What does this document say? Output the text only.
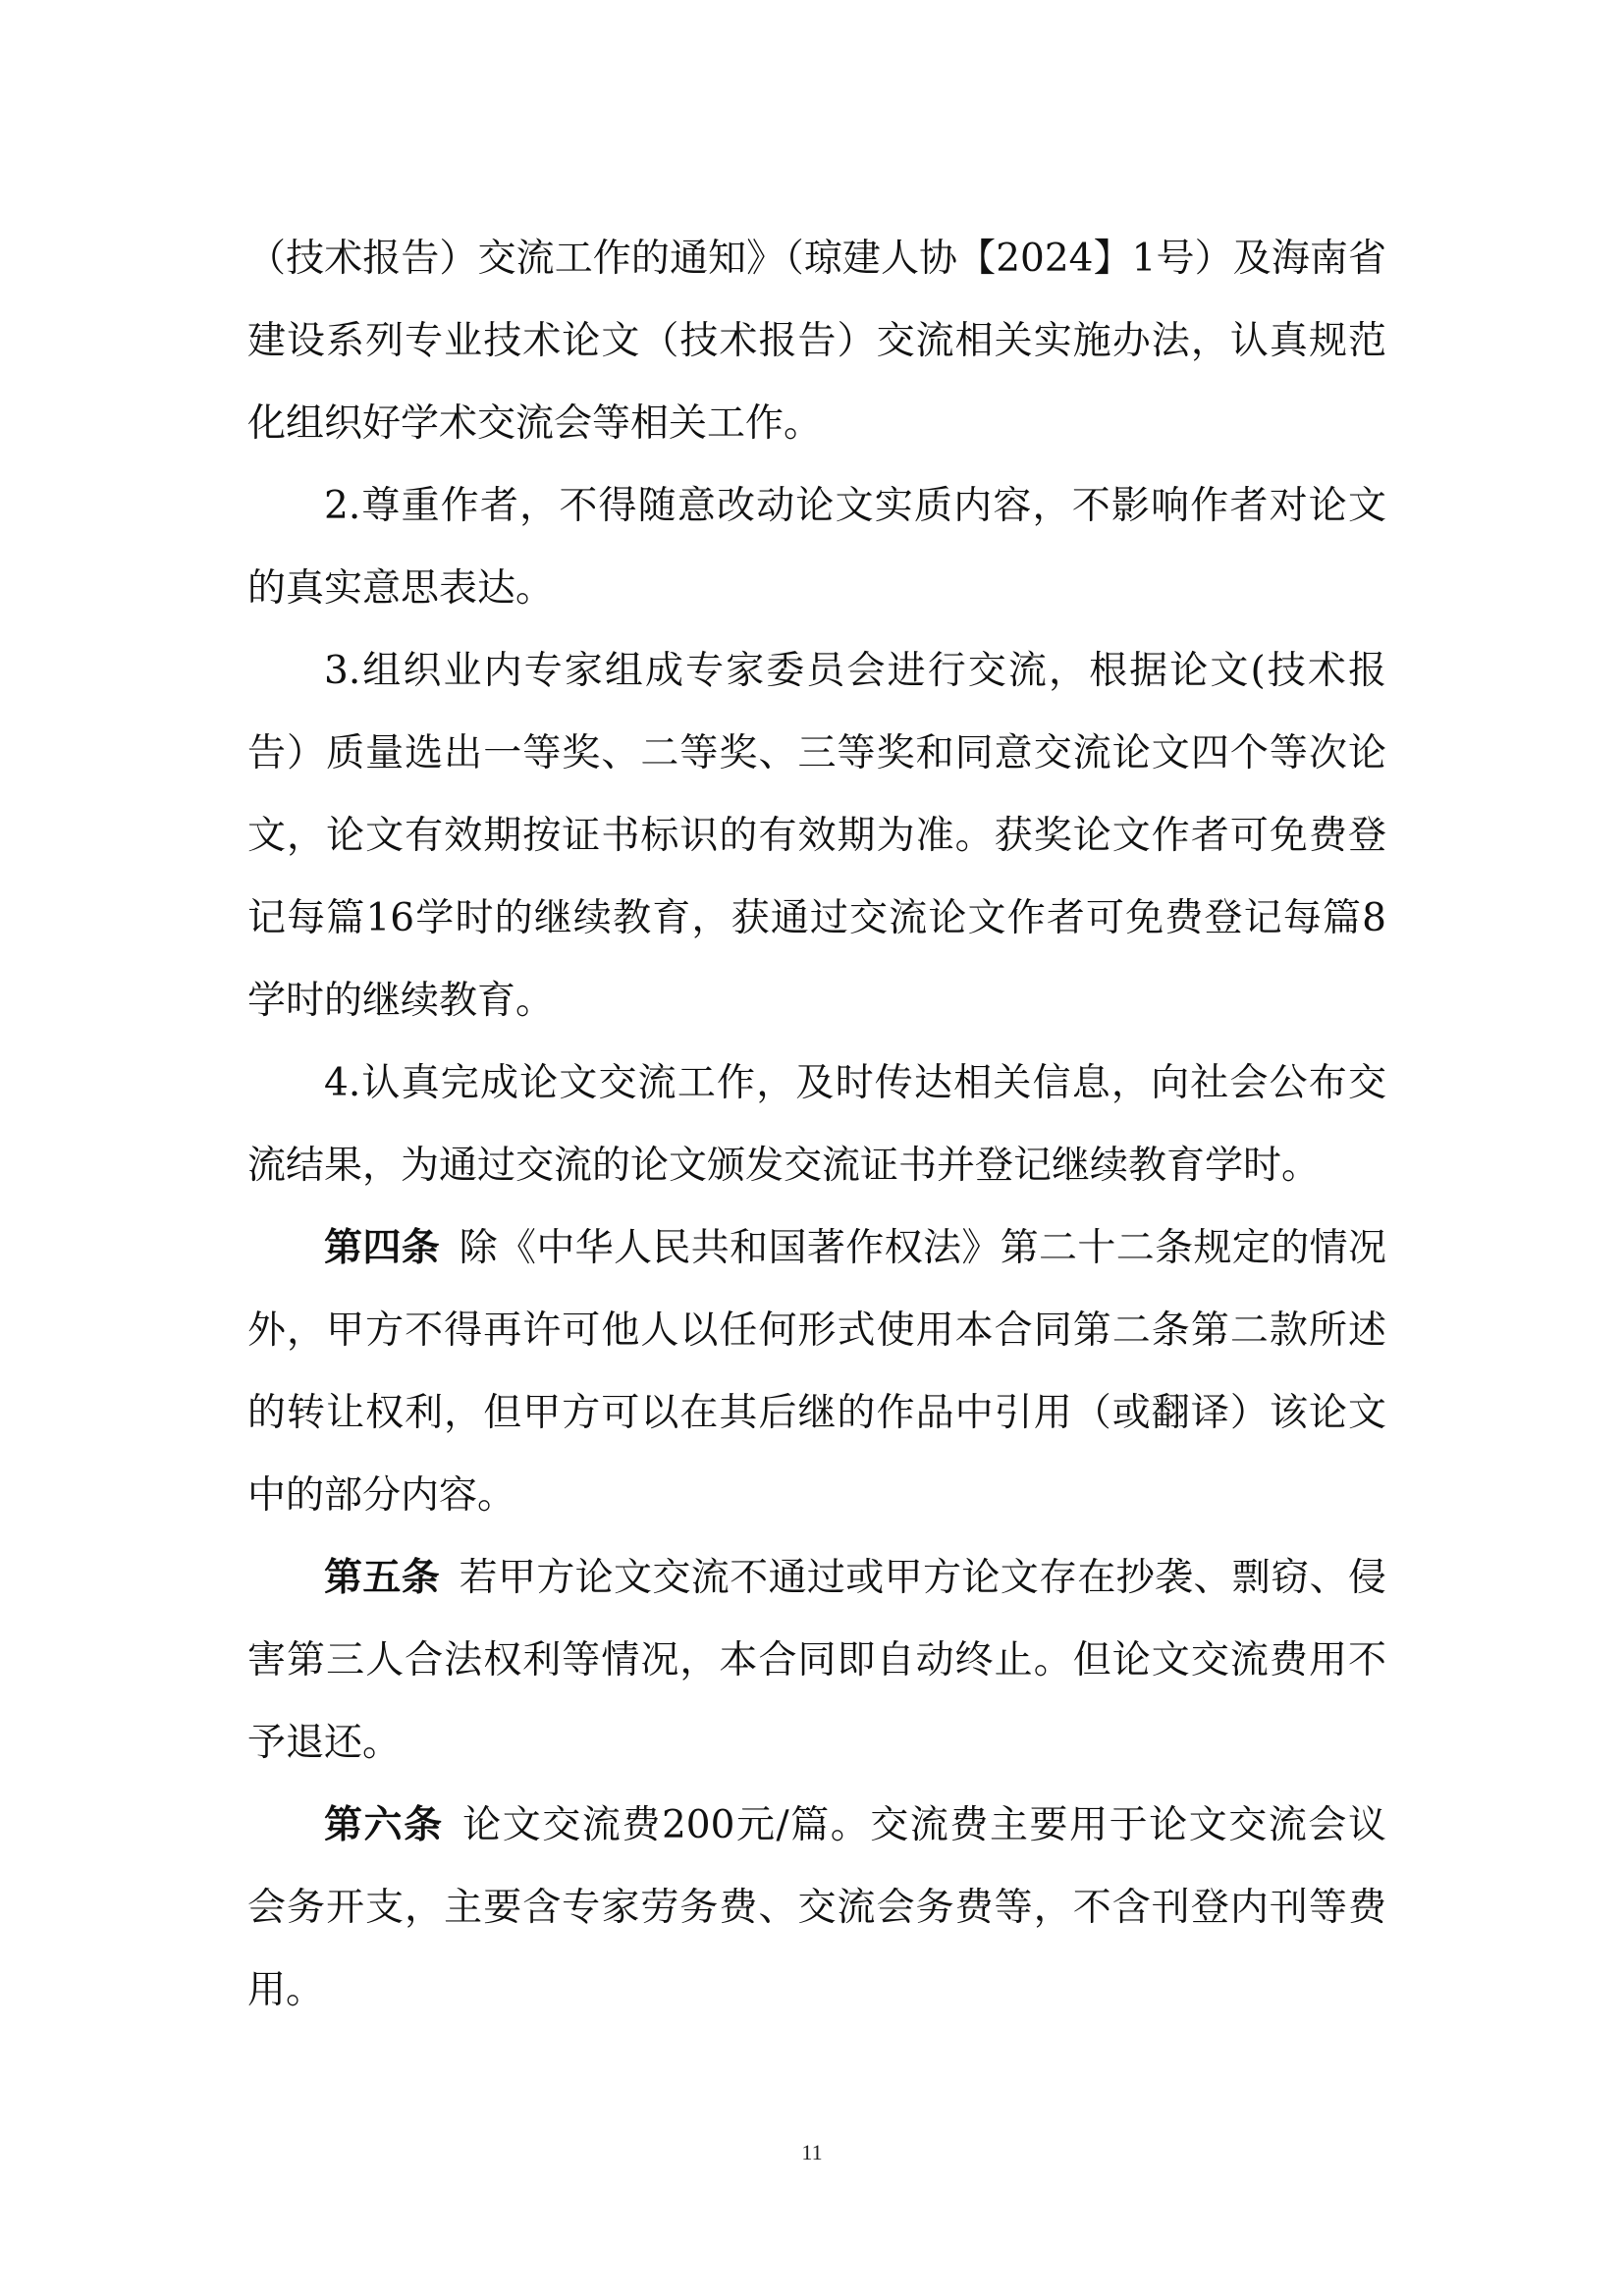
（技术报告）交流工作的通知》（琼建人协【2024】1号）及海南省建设系列专业技术论文（技术报告）交流相关实施办法，认真规范化组织好学术交流会等相关工作。

2.尊重作者，不得随意改动论文实质内容，不影响作者对论文的真实意思表达。

3.组织业内专家组成专家委员会进行交流，根据论文(技术报告）质量选出一等奖、二等奖、三等奖和同意交流论文四个等次论文，论文有效期按证书标识的有效期为准。获奖论文作者可免费登记每篇16学时的继续教育，获通过交流论文作者可免费登记每篇8学时的继续教育。

4.认真完成论文交流工作，及时传达相关信息，向社会公布交流结果，为通过交流的论文颁发交流证书并登记继续教育学时。

第四条 除《中华人民共和国著作权法》第二十二条规定的情况外，甲方不得再许可他人以任何形式使用本合同第二条第二款所述的转让权利，但甲方可以在其后继的作品中引用（或翻译）该论文中的部分内容。

第五条 若甲方论文交流不通过或甲方论文存在抄袭、剽窃、侵害第三人合法权利等情况，本合同即自动终止。但论文交流费用不予退还。

第六条 论文交流费200元/篇。交流费主要用于论文交流会议会务开支，主要含专家劳务费、交流会务费等，不含刊登内刊等费用。

11
